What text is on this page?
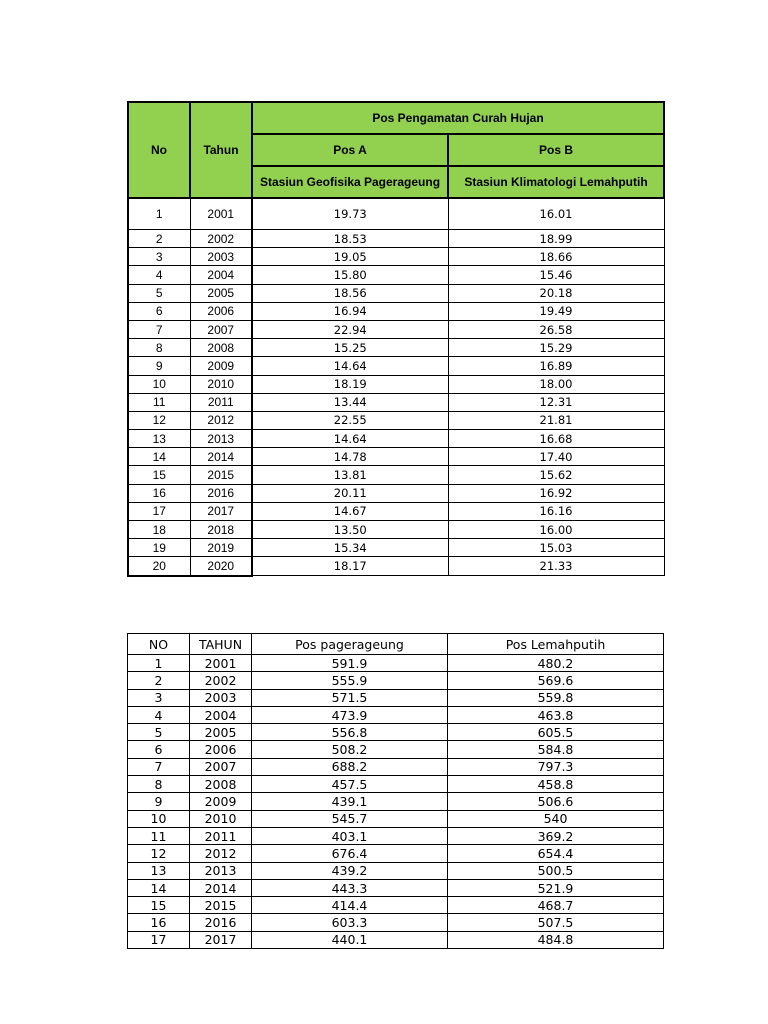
No	Tahun	Pos Pengamatan Curah Hujan	
		Pos A	Pos B
		Stasiun Geofisika Pagerageung	Stasiun Klimatologi Lemahputih
1	2001	19.73	16.01
2	2002	18.53	18.99
3	2003	19.05	18.66
4	2004	15.80	15.46
5	2005	18.56	20.18
6	2006	16.94	19.49
7	2007	22.94	26.58
8	2008	15.25	15.29
9	2009	14.64	16.89
10	2010	18.19	18.00
11	2011	13.44	12.31
12	2012	22.55	21.81
13	2013	14.64	16.68
14	2014	14.78	17.40
15	2015	13.81	15.62
16	2016	20.11	16.92
17	2017	14.67	16.16
18	2018	13.50	16.00
19	2019	15.34	15.03
20	2020	18.17	21.33
NO	TAHUN	Pos pagerageung	Pos Lemahputih
1	2001	591.9	480.2
2	2002	555.9	569.6
3	2003	571.5	559.8
4	2004	473.9	463.8
5	2005	556.8	605.5
6	2006	508.2	584.8
7	2007	688.2	797.3
8	2008	457.5	458.8
9	2009	439.1	506.6
10	2010	545.7	540
11	2011	403.1	369.2
12	2012	676.4	654.4
13	2013	439.2	500.5
14	2014	443.3	521.9
15	2015	414.4	468.7
16	2016	603.3	507.5
17	2017	440.1	484.8
